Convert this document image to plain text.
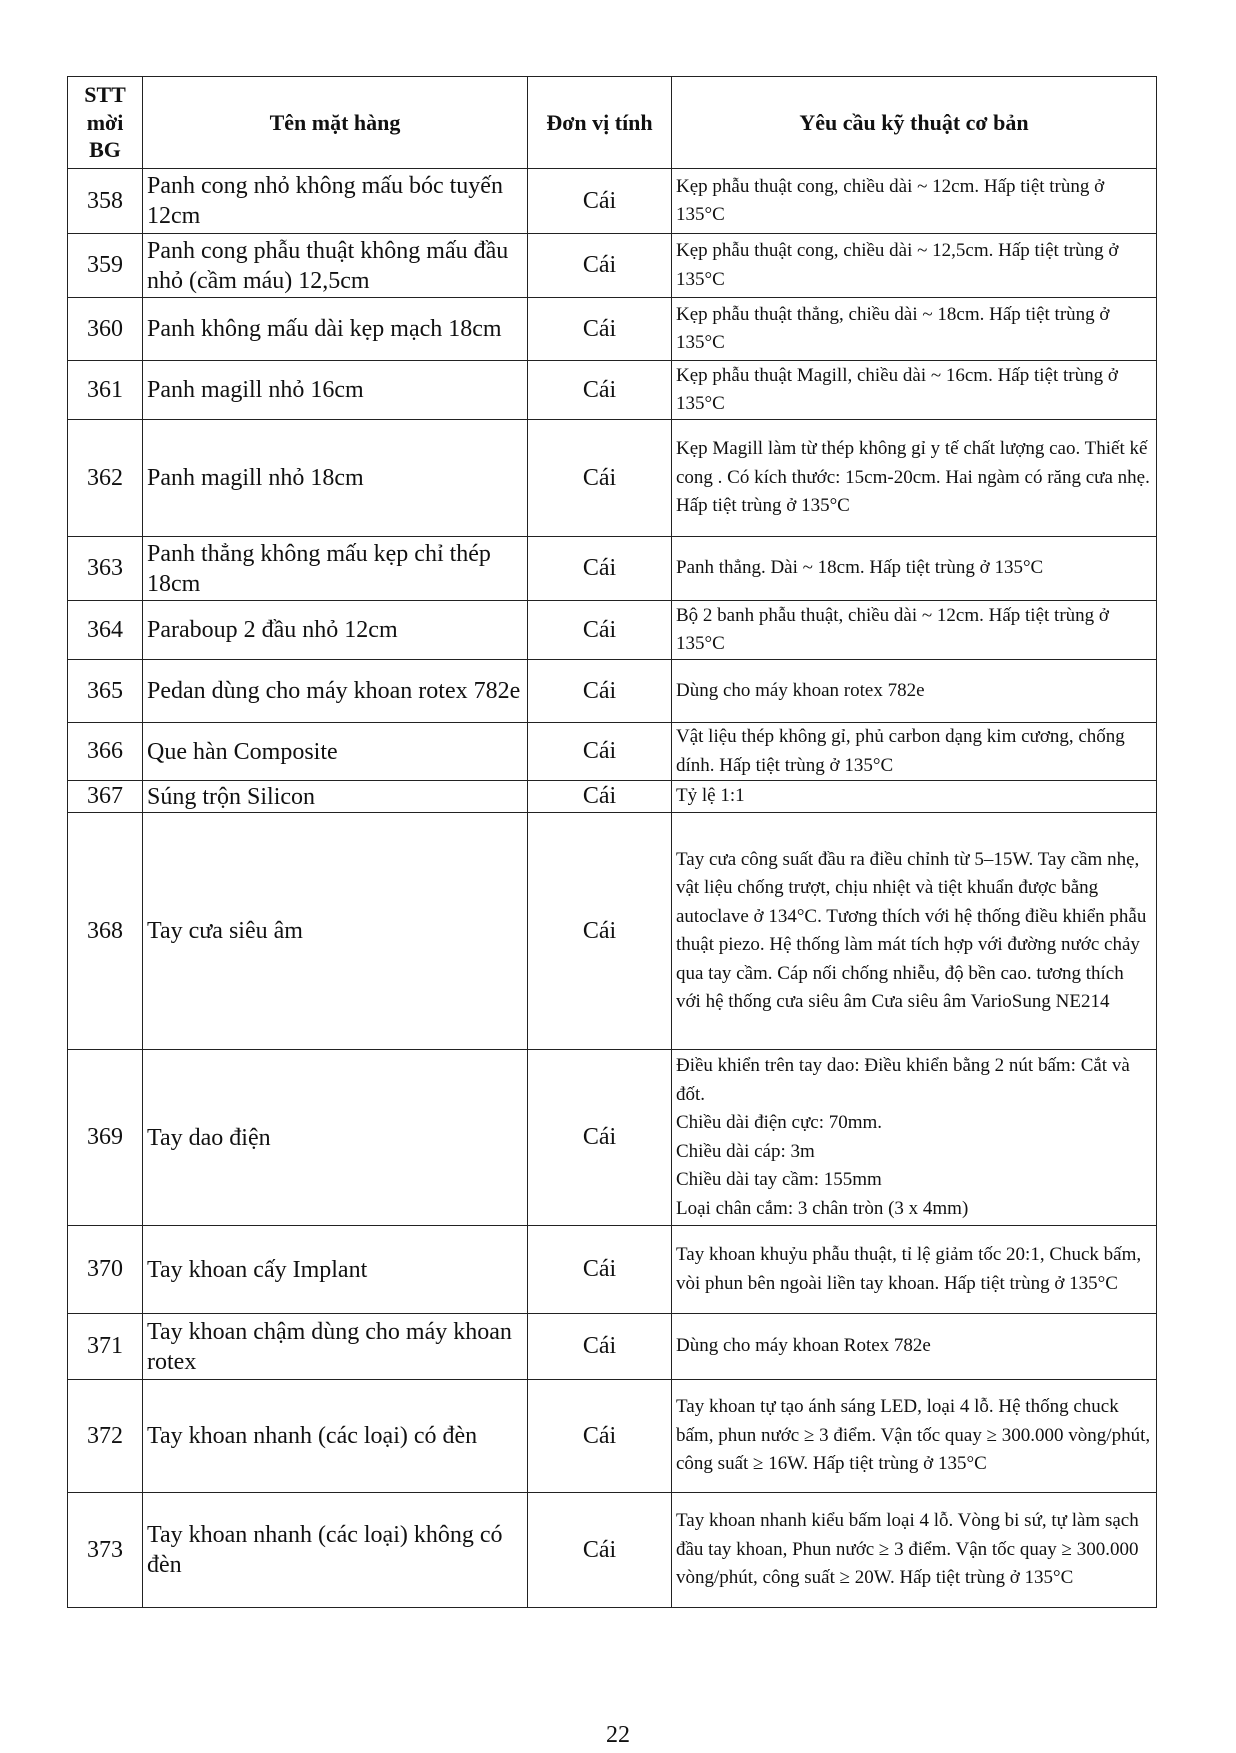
STT mời BG	Tên mặt hàng	Đơn vị tính	Yêu cầu kỹ thuật cơ bản
358	Panh cong nhỏ không mấu bóc tuyến 12cm	Cái	Kẹp phẫu thuật cong, chiều dài ~ 12cm. Hấp tiệt trùng ở 135°C
359	Panh cong phẫu thuật không mấu đầu nhỏ (cầm máu) 12,5cm	Cái	Kẹp phẫu thuật cong, chiều dài ~ 12,5cm. Hấp tiệt trùng ở 135°C
360	Panh không mấu dài kẹp mạch 18cm	Cái	Kẹp phẫu thuật thẳng, chiều dài ~ 18cm. Hấp tiệt trùng ở 135°C
361	Panh magill nhỏ 16cm	Cái	Kẹp phẫu thuật Magill, chiều dài ~ 16cm. Hấp tiệt trùng ở 135°C
362	Panh magill nhỏ 18cm	Cái	Kẹp Magill làm từ thép không gỉ y tế chất lượng cao. Thiết kế cong . Có kích thước: 15cm-20cm. Hai ngàm có răng cưa nhẹ. Hấp tiệt trùng ở 135°C
363	Panh thẳng không mấu kẹp chỉ thép 18cm	Cái	Panh thẳng. Dài ~ 18cm. Hấp tiệt trùng ở 135°C
364	Paraboup 2 đầu nhỏ 12cm	Cái	Bộ 2 banh phẫu thuật, chiều dài ~ 12cm. Hấp tiệt trùng ở 135°C
365	Pedan dùng cho máy khoan rotex 782e	Cái	Dùng cho máy khoan rotex 782e
366	Que hàn Composite	Cái	Vật liệu thép không gỉ, phủ carbon dạng kim cương, chống dính. Hấp tiệt trùng ở 135°C
367	Súng trộn Silicon	Cái	Tỷ lệ 1:1
368	Tay cưa siêu âm	Cái	Tay cưa công suất đầu ra điều chỉnh từ 5–15W. Tay cầm nhẹ, vật liệu chống trượt, chịu nhiệt và tiệt khuẩn được bằng autoclave ở 134°C. Tương thích với hệ thống điều khiển phẫu thuật piezo. Hệ thống làm mát tích hợp với đường nước chảy qua tay cầm. Cáp nối chống nhiễu, độ bền cao. tương thích với hệ thống cưa siêu âm Cưa siêu âm VarioSung NE214
369	Tay dao điện	Cái	Điều khiển trên tay dao: Điều khiển bằng 2 nút bấm: Cắt và đốt.
Chiều dài điện cực: 70mm.
Chiều dài cáp: 3m
Chiều dài tay cầm: 155mm
Loại chân cắm: 3 chân tròn (3 x 4mm)
370	Tay khoan cấy Implant	Cái	Tay khoan khuỷu phẫu thuật, tỉ lệ giảm tốc 20:1, Chuck bấm, vòi phun bên ngoài liền tay khoan. Hấp tiệt trùng ở 135°C
371	Tay khoan chậm dùng cho máy khoan rotex	Cái	Dùng cho máy khoan Rotex 782e
372	Tay khoan nhanh (các loại) có đèn	Cái	Tay khoan tự tạo ánh sáng LED, loại 4 lỗ. Hệ thống chuck bấm, phun nước ≥ 3 điểm. Vận tốc quay ≥ 300.000 vòng/phút, công suất ≥ 16W. Hấp tiệt trùng ở 135°C
373	Tay khoan nhanh (các loại) không có đèn	Cái	Tay khoan nhanh kiểu bấm loại 4 lỗ. Vòng bi sứ, tự làm sạch đầu tay khoan, Phun nước ≥ 3 điểm. Vận tốc quay ≥ 300.000 vòng/phút, công suất ≥ 20W. Hấp tiệt trùng ở 135°C
22
